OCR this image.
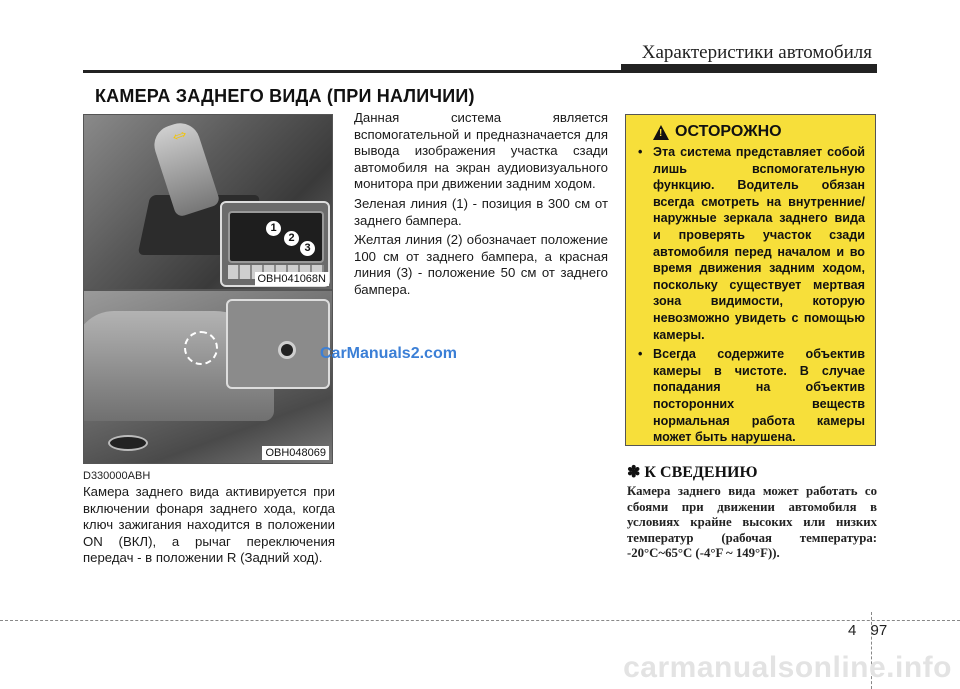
Характеристики автомобиля
КАМЕРА ЗАДНЕГО ВИДА (ПРИ НАЛИЧИИ)
⇔
1
2
3
OBH041068N
OBH048069
CarManuals2.com
D330000ABH
Камера заднего вида активируется при включении фонаря заднего хода, когда ключ зажигания находится в положении ON (ВКЛ), а рычаг переключения передач - в положении R (Задний ход).

Данная система является вспомогательной и предназначается для вывода изображения участка сзади автомобиля на экран аудиовизуального монитора при движении задним ходом.

Зеленая линия (1) - позиция в 300 см от заднего бампера.

Желтая линия (2) обозначает положение 100 см от заднего бампера, а красная линия (3) - положение 50 см от заднего бампера.

! ОСТОРОЖНО
• Эта система представляет собой лишь вспомогательную функцию. Водитель обязан всегда смотреть на внутренние/ наружные зеркала заднего вида и проверять участок сзади автомобиля перед началом и во время движения задним ходом, поскольку существует мертвая зона видимости, которую невозможно увидеть с помощью камеры.
• Всегда содержите объектив камеры в чистоте. В случае попадания на объектив посторонних веществ нормальная работа камеры может быть нарушена.
✽ К СВЕДЕНИЮ
Камера заднего вида может работать со сбоями при движении автомобиля в условиях крайне высоких или низких температур (рабочая температура: -20°C~65°C (-4°F ~ 149°F)).
4 97
carmanualsonline.info
